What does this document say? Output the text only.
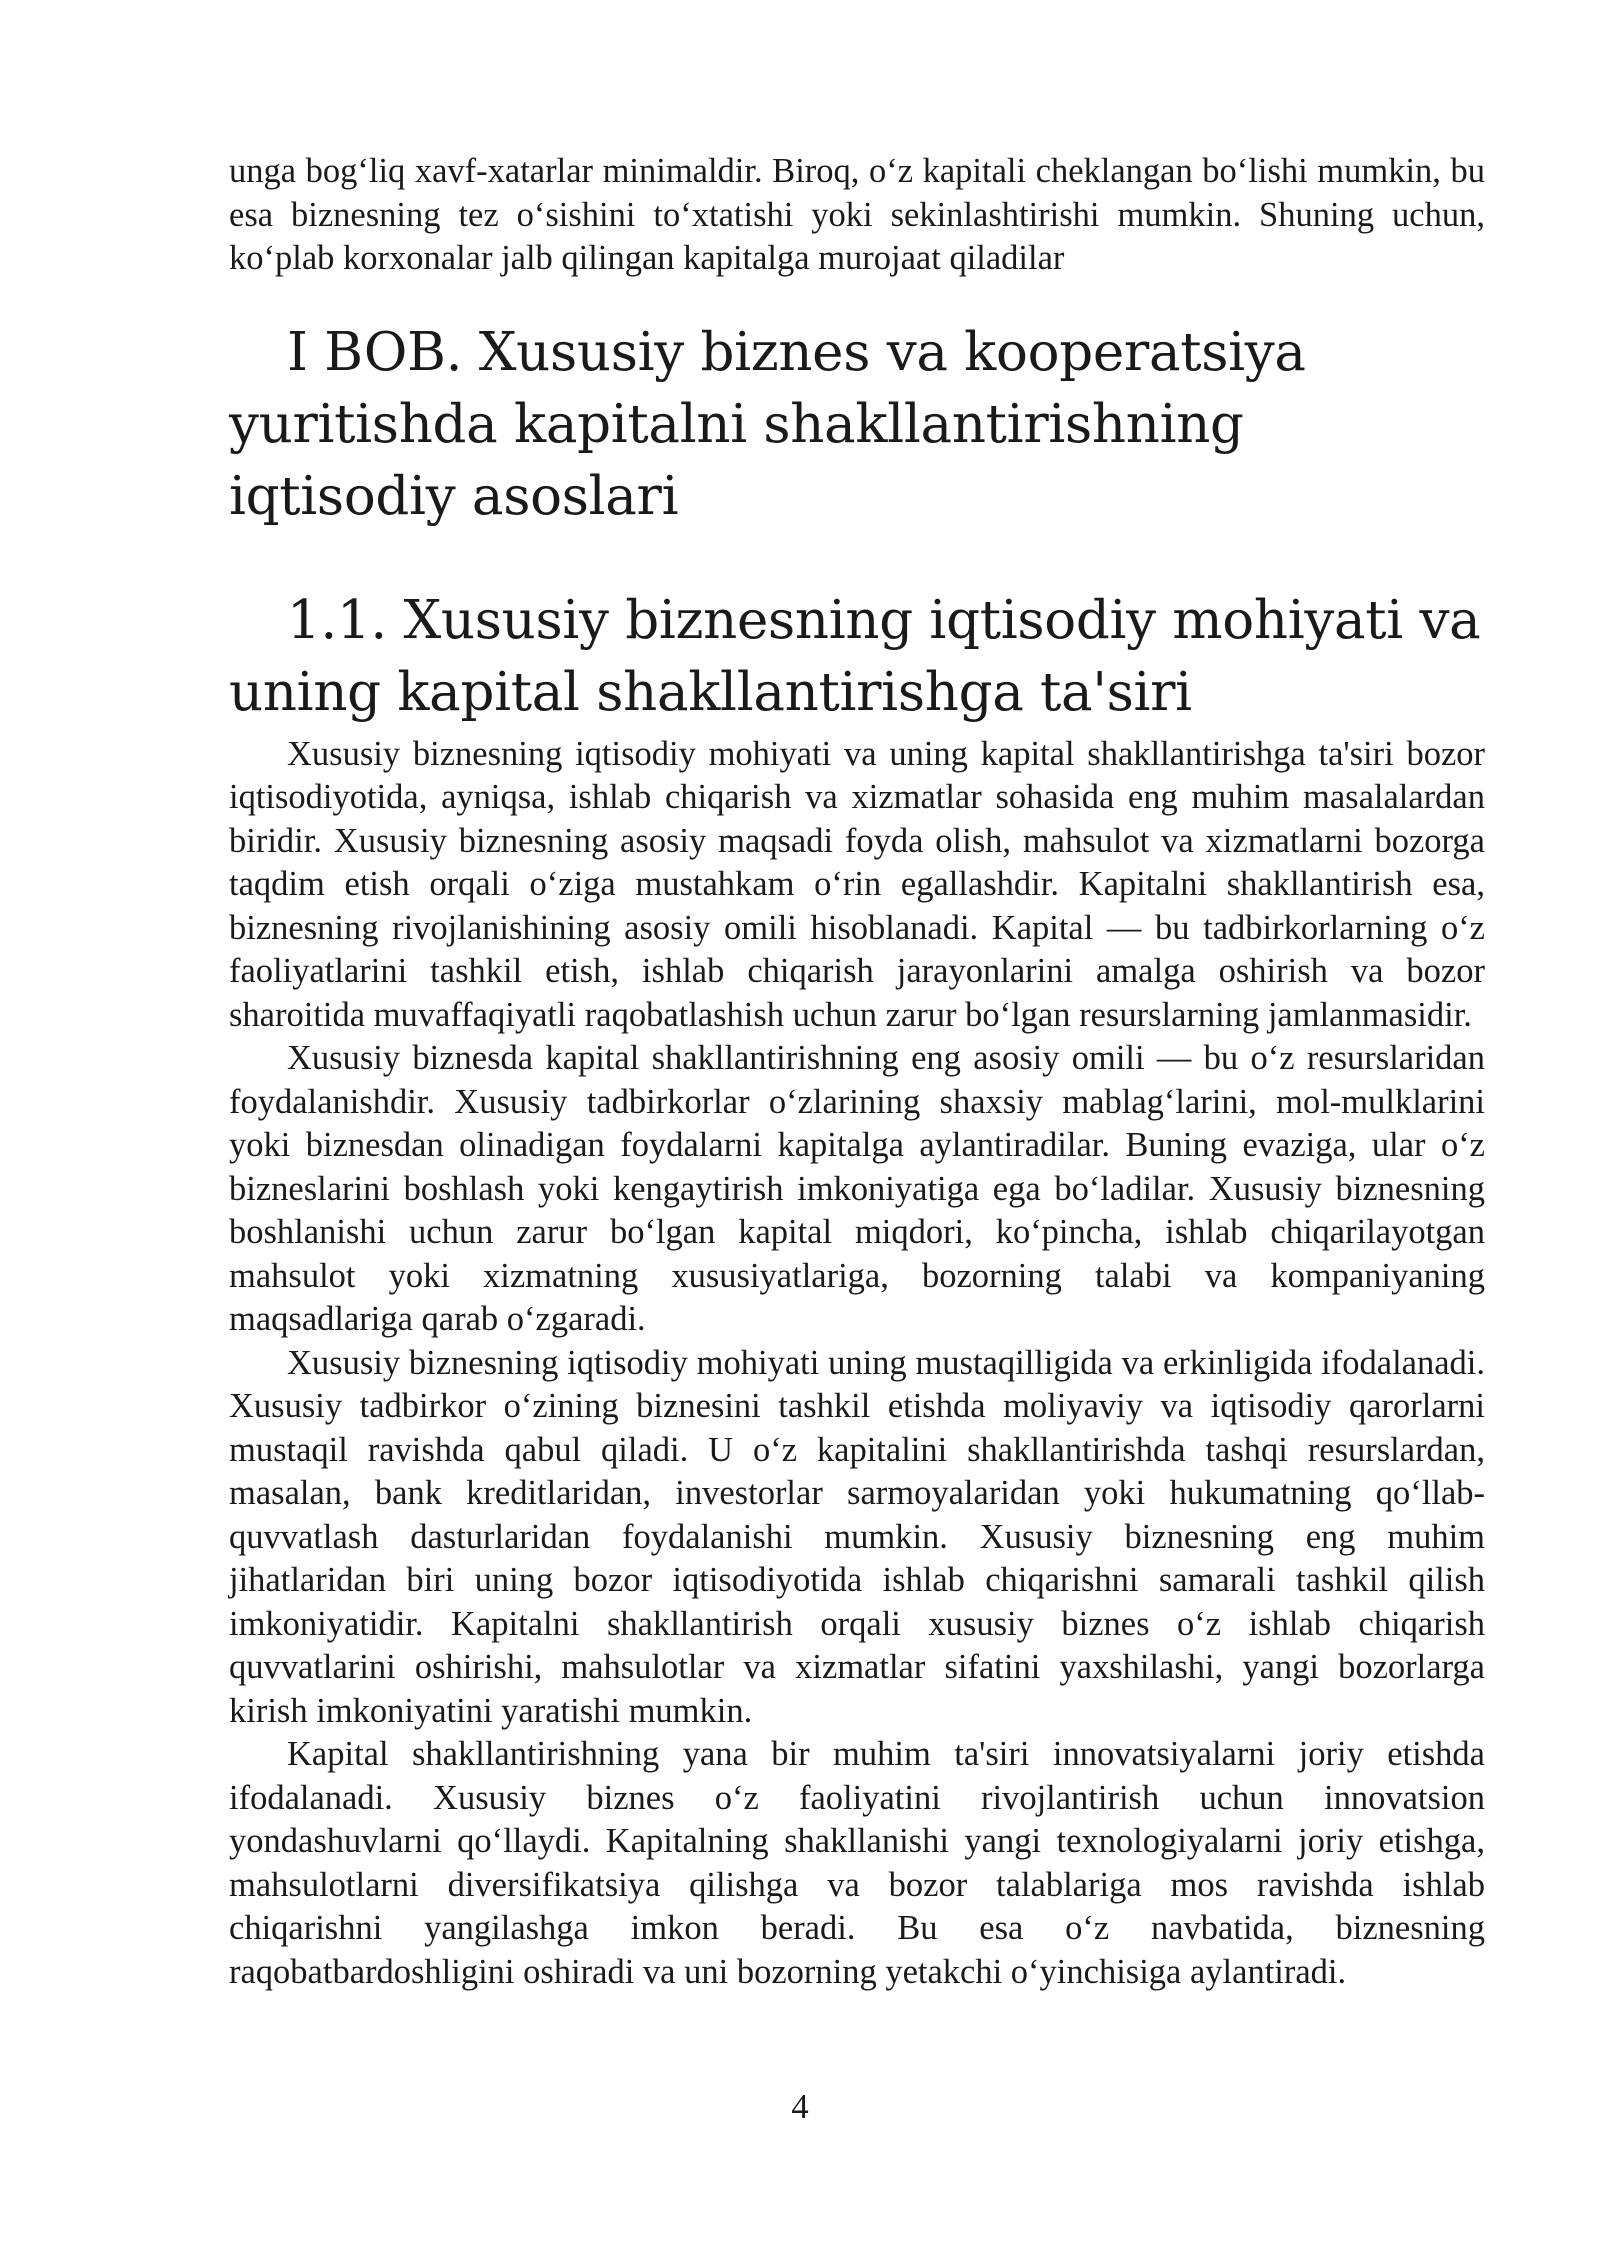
unga bog‘liq xavf-xatarlar minimaldir. Biroq, o‘z kapitali cheklangan bo‘lishi mumkin, bu esa biznesning tez o‘sishini to‘xtatishi yoki sekinlashtirishi mumkin. Shuning uchun, ko‘plab korxonalar jalb qilingan kapitalga murojaat qiladilar

I BOB. Xususiy biznes va kooperatsiya yuritishda kapitalni shakllantirishning iqtisodiy asoslari
1.1. Xususiy biznesning iqtisodiy mohiyati va uning kapital shakllantirishga ta'siri

Xususiy biznesning iqtisodiy mohiyati va uning kapital shakllantirishga ta'siri bozor iqtisodiyotida, ayniqsa, ishlab chiqarish va xizmatlar sohasida eng muhim masalalardan biridir. Xususiy biznesning asosiy maqsadi foyda olish, mahsulot va xizmatlarni bozorga taqdim etish orqali o‘ziga mustahkam o‘rin egallashdir. Kapitalni shakllantirish esa, biznesning rivojlanishining asosiy omili hisoblanadi. Kapital — bu tadbirkorlarning o‘z faoliyatlarini tashkil etish, ishlab chiqarish jarayonlarini amalga oshirish va bozor sharoitida muvaffaqiyatli raqobatlashish uchun zarur bo‘lgan resurslarning jamlanmasidir.

Xususiy biznesda kapital shakllantirishning eng asosiy omili — bu o‘z resurslaridan foydalanishdir. Xususiy tadbirkorlar o‘zlarining shaxsiy mablag‘larini, mol-mulklarini yoki biznesdan olinadigan foydalarni kapitalga aylantiradilar. Buning evaziga, ular o‘z bizneslarini boshlash yoki kengaytirish imkoniyatiga ega bo‘ladilar. Xususiy biznesning boshlanishi uchun zarur bo‘lgan kapital miqdori, ko‘pincha, ishlab chiqarilayotgan mahsulot yoki xizmatning xususiyatlariga, bozorning talabi va kompaniyaning maqsadlariga qarab o‘zgaradi.

Xususiy biznesning iqtisodiy mohiyati uning mustaqilligida va erkinligida ifodalanadi. Xususiy tadbirkor o‘zining biznesini tashkil etishda moliyaviy va iqtisodiy qarorlarni mustaqil ravishda qabul qiladi. U o‘z kapitalini shakllantirishda tashqi resurslardan, masalan, bank kreditlaridan, investorlar sarmoyalaridan yoki hukumatning qo‘llab-quvvatlash dasturlaridan foydalanishi mumkin. Xususiy biznesning eng muhim jihatlaridan biri uning bozor iqtisodiyotida ishlab chiqarishni samarali tashkil qilish imkoniyatidir. Kapitalni shakllantirish orqali xususiy biznes o‘z ishlab chiqarish quvvatlarini oshirishi, mahsulotlar va xizmatlar sifatini yaxshilashi, yangi bozorlarga kirish imkoniyatini yaratishi mumkin.

Kapital shakllantirishning yana bir muhim ta'siri innovatsiyalarni joriy etishda ifodalanadi. Xususiy biznes o‘z faoliyatini rivojlantirish uchun innovatsion yondashuvlarni qo‘llaydi. Kapitalning shakllanishi yangi texnologiyalarni joriy etishga, mahsulotlarni diversifikatsiya qilishga va bozor talablariga mos ravishda ishlab chiqarishni yangilashga imkon beradi. Bu esa o‘z navbatida, biznesning raqobatbardoshligini oshiradi va uni bozorning yetakchi o‘yinchisiga aylantiradi.

4
